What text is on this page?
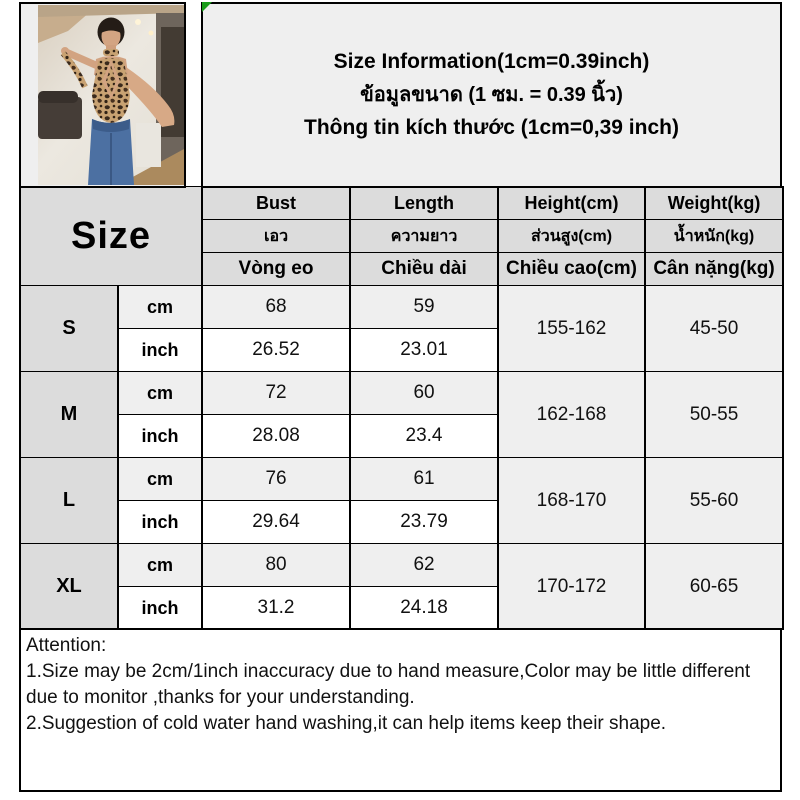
Size Information(1cm=0.39inch)
ข้อมูลขนาด (1 ซม. = 0.39 นิ้ว)
Thông tin kích thước (1cm=0,39 inch)
Size		Bust	Length	Height(cm)	Weight(kg)
		เอว	ความยาว	ส่วนสูง(cm)	น้ำหนัก(kg)
		Vòng eo	Chiều dài	Chiều cao(cm)	Cân nặng(kg)
S	cm	68	59	155-162	45-50
	inch	26.52	23.01		
M	cm	72	60	162-168	50-55
	inch	28.08	23.4		
L	cm	76	61	168-170	55-60
	inch	29.64	23.79		
XL	cm	80	62	170-172	60-65
	inch	31.2	24.18		
Attention:
1.Size may be 2cm/1inch inaccuracy due to hand measure,Color may be little different due to monitor ,thanks for your understanding.
2.Suggestion of cold water hand washing,it can help items keep their shape.
